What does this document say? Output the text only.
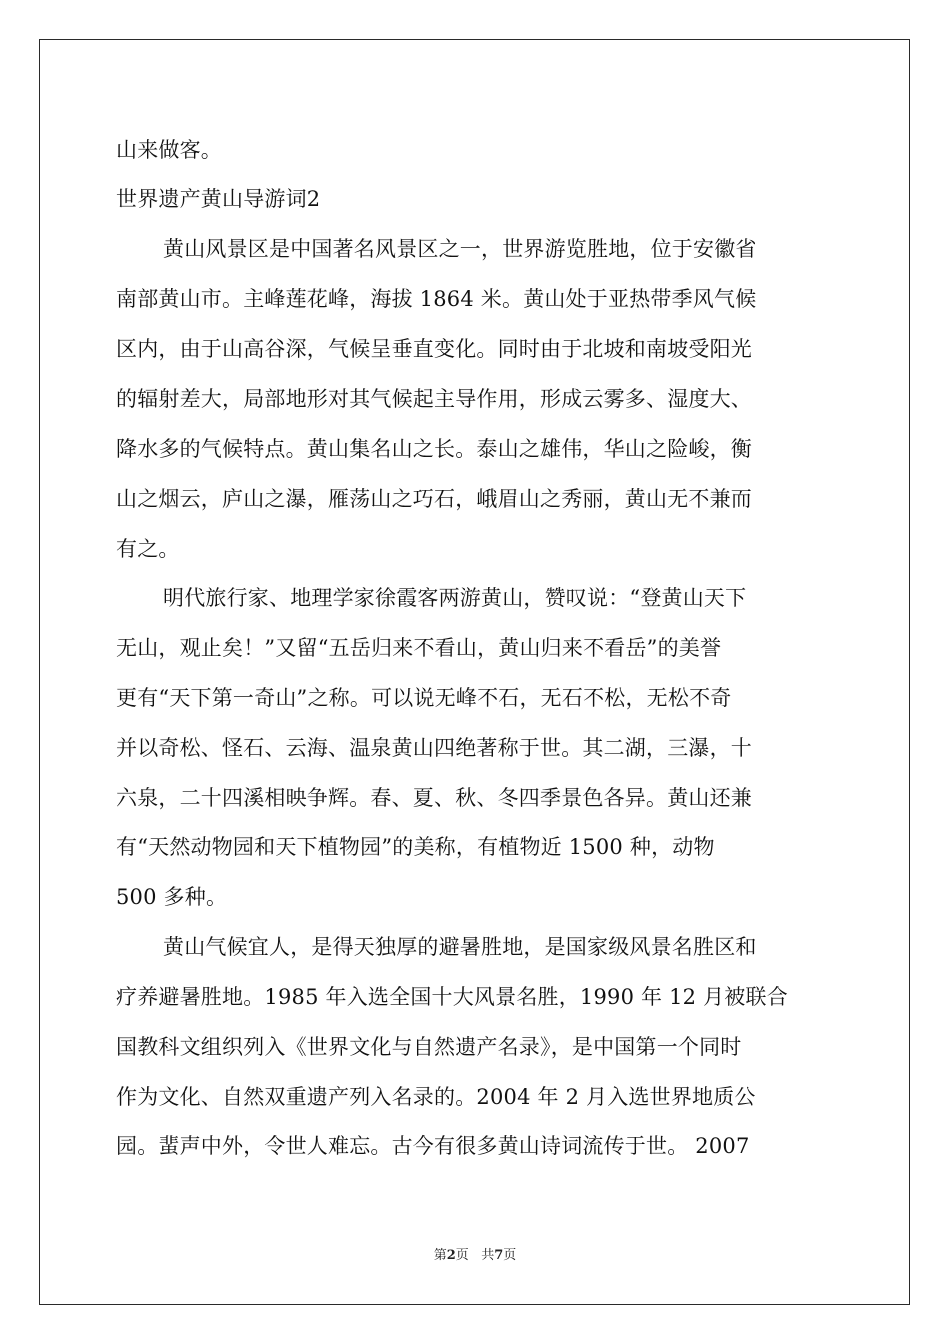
山来做客。
世界遗产黄山导游词2
黄山风景区是中国著名风景区之一，世界游览胜地，位于安徽省
南部黄山市。主峰莲花峰，海拔 1864 米。黄山处于亚热带季风气候
区内，由于山高谷深，气候呈垂直变化。同时由于北坡和南坡受阳光
的辐射差大，局部地形对其气候起主导作用，形成云雾多、湿度大、
降水多的气候特点。黄山集名山之长。泰山之雄伟，华山之险峻，衡
山之烟云，庐山之瀑，雁荡山之巧石，峨眉山之秀丽，黄山无不兼而
有之。
明代旅行家、地理学家徐霞客两游黄山，赞叹说：“登黄山天下
无山，观止矣！”又留“五岳归来不看山，黄山归来不看岳”的美誉
更有“天下第一奇山”之称。可以说无峰不石，无石不松，无松不奇
并以奇松、怪石、云海、温泉黄山四绝著称于世。其二湖，三瀑，十
六泉，二十四溪相映争辉。春、夏、秋、冬四季景色各异。黄山还兼
有“天然动物园和天下植物园”的美称，有植物近 1500 种，动物
500 多种。
黄山气候宜人，是得天独厚的避暑胜地，是国家级风景名胜区和
疗养避暑胜地。1985 年入选全国十大风景名胜，1990 年 12 月被联合
国教科文组织列入《世界文化与自然遗产名录》，是中国第一个同时
作为文化、自然双重遗产列入名录的。2004 年 2 月入选世界地质公
园。蜚声中外，令世人难忘。古今有很多黄山诗词流传于世。 2007
第2页 共7页
